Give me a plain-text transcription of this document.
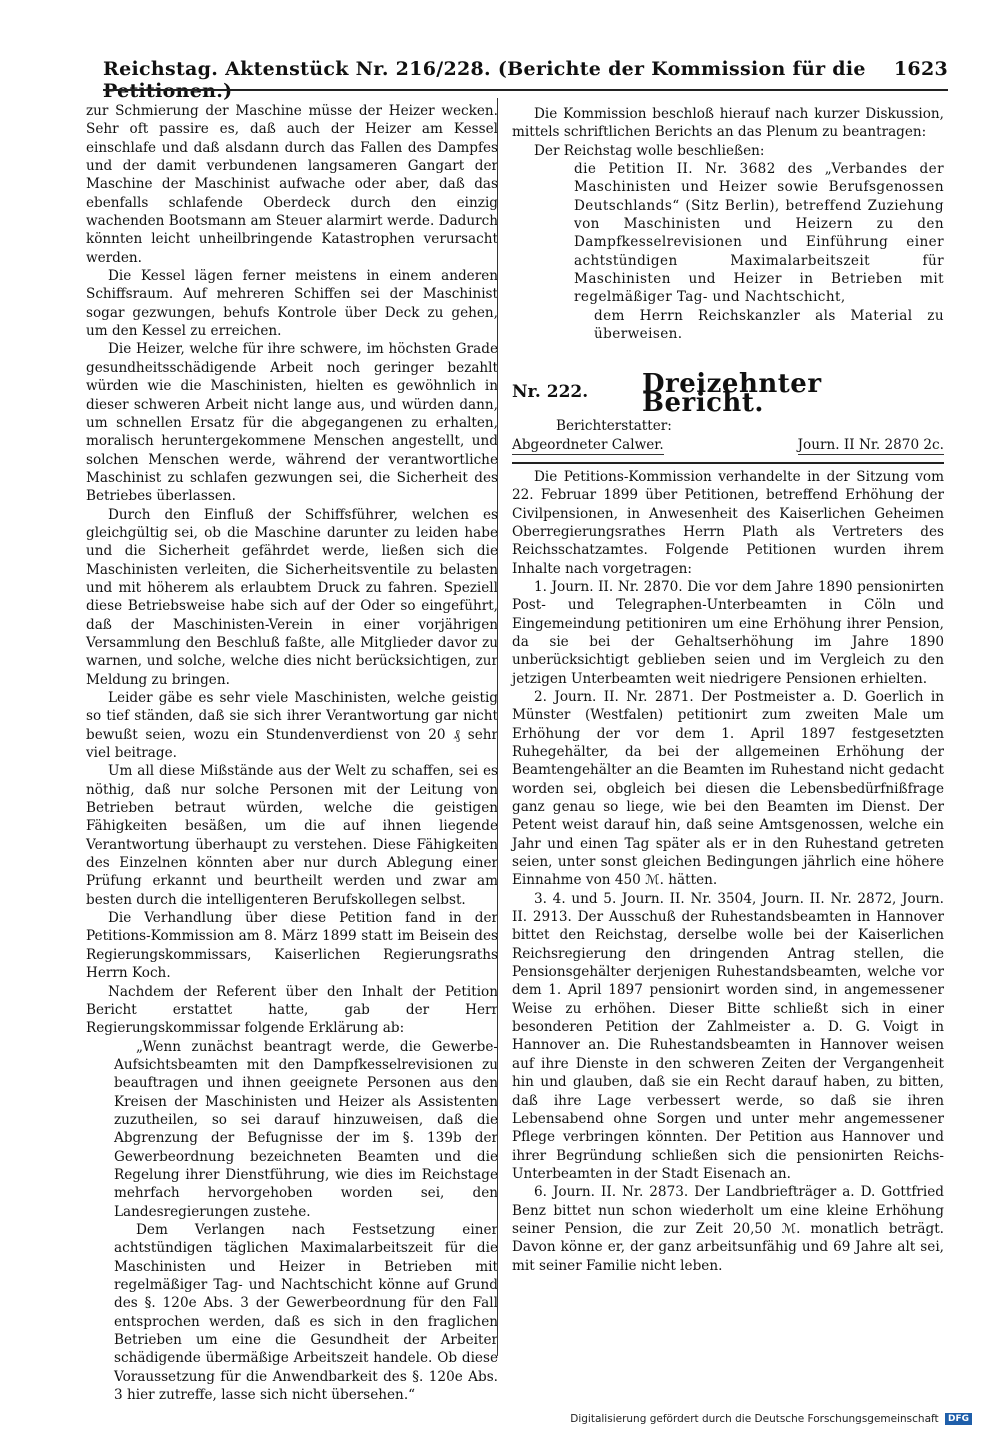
Reichstag. Aktenstück Nr. 216/228. (Berichte der Kommission für die Petitionen.)
1623

zur Schmierung der Maschine müsse der Heizer wecken. Sehr oft passire es, daß auch der Heizer am Kessel einschlafe und daß alsdann durch das Fallen des Dampfes und der damit verbundenen langsameren Gangart der Maschine der Maschinist aufwache oder aber, daß das ebenfalls schlafende Oberdeck durch den einzig wachenden Bootsmann am Steuer alarmirt werde. Dadurch könnten leicht unheilbringende Katastrophen verursacht werden.

Die Kessel lägen ferner meistens in einem anderen Schiffsraum. Auf mehreren Schiffen sei der Maschinist sogar gezwungen, behufs Kontrole über Deck zu gehen, um den Kessel zu erreichen.

Die Heizer, welche für ihre schwere, im höchsten Grade gesundheitsschädigende Arbeit noch geringer bezahlt würden wie die Maschinisten, hielten es gewöhnlich in dieser schweren Arbeit nicht lange aus, und würden dann, um schnellen Ersatz für die abgegangenen zu erhalten, moralisch heruntergekommene Menschen angestellt, und solchen Menschen werde, während der verantwortliche Maschinist zu schlafen gezwungen sei, die Sicherheit des Betriebes überlassen.

Durch den Einfluß der Schiffsführer, welchen es gleichgültig sei, ob die Maschine darunter zu leiden habe und die Sicherheit gefährdet werde, ließen sich die Maschinisten verleiten, die Sicherheitsventile zu belasten und mit höherem als erlaubtem Druck zu fahren. Speziell diese Betriebsweise habe sich auf der Oder so eingeführt, daß der Maschinisten-Verein in einer vorjährigen Versammlung den Beschluß faßte, alle Mitglieder davor zu warnen, und solche, welche dies nicht berücksichtigen, zur Meldung zu bringen.

Leider gäbe es sehr viele Maschinisten, welche geistig so tief ständen, daß sie sich ihrer Verantwortung gar nicht bewußt seien, wozu ein Stundenverdienst von 20 ₰ sehr viel beitrage.

Um all diese Mißstände aus der Welt zu schaffen, sei es nöthig, daß nur solche Personen mit der Leitung von Betrieben betraut würden, welche die geistigen Fähigkeiten besäßen, um die auf ihnen liegende Verantwortung überhaupt zu verstehen. Diese Fähigkeiten des Einzelnen könnten aber nur durch Ablegung einer Prüfung erkannt und beurtheilt werden und zwar am besten durch die intelligenteren Berufskollegen selbst.

Die Verhandlung über diese Petition fand in der Petitions-Kommission am 8. März 1899 statt im Beisein des Regierungskommissars, Kaiserlichen Regierungsraths Herrn Koch.

Nachdem der Referent über den Inhalt der Petition Bericht erstattet hatte, gab der Herr Regierungskommissar folgende Erklärung ab:

„Wenn zunächst beantragt werde, die Gewerbe-Aufsichtsbeamten mit den Dampfkesselrevisionen zu beauftragen und ihnen geeignete Personen aus den Kreisen der Maschinisten und Heizer als Assistenten zuzutheilen, so sei darauf hinzuweisen, daß die Abgrenzung der Befugnisse der im §. 139b der Gewerbeordnung bezeichneten Beamten und die Regelung ihrer Dienstführung, wie dies im Reichstage mehrfach hervorgehoben worden sei, den Landesregierungen zustehe.

Dem Verlangen nach Festsetzung einer achtstündigen täglichen Maximalarbeitszeit für die Maschinisten und Heizer in Betrieben mit regelmäßiger Tag- und Nachtschicht könne auf Grund des §. 120e Abs. 3 der Gewerbeordnung für den Fall entsprochen werden, daß es sich in den fraglichen Betrieben um eine die Gesundheit der Arbeiter schädigende übermäßige Arbeitszeit handele. Ob diese Voraussetzung für die Anwendbarkeit des §. 120e Abs. 3 hier zutreffe, lasse sich nicht übersehen.“

Die Kommission beschloß hierauf nach kurzer Diskussion, mittels schriftlichen Berichts an das Plenum zu beantragen:

Der Reichstag wolle beschließen:

die Petition II. Nr. 3682 des „Verbandes der Maschinisten und Heizer sowie Berufsgenossen Deutschlands“ (Sitz Berlin), betreffend Zuziehung von Maschinisten und Heizern zu den Dampfkesselrevisionen und Einführung einer achtstündigen Maximalarbeitszeit für Maschinisten und Heizer in Betrieben mit regelmäßiger Tag- und Nachtschicht,

dem Herrn Reichskanzler als Material zu überweisen.

Nr. 222. Dreizehnter Bericht.

Berichterstatter:

Abgeordneter Calwer.	Journ. II Nr. 2870 2c.

Die Petitions-Kommission verhandelte in der Sitzung vom 22. Februar 1899 über Petitionen, betreffend Erhöhung der Civilpensionen, in Anwesenheit des Kaiserlichen Geheimen Oberregierungsrathes Herrn Plath als Vertreters des Reichsschatzamtes. Folgende Petitionen wurden ihrem Inhalte nach vorgetragen:

1. Journ. II. Nr. 2870. Die vor dem Jahre 1890 pensionirten Post- und Telegraphen-Unterbeamten in Cöln und Eingemeindung petitioniren um eine Erhöhung ihrer Pension, da sie bei der Gehaltserhöhung im Jahre 1890 unberücksichtigt geblieben seien und im Vergleich zu den jetzigen Unterbeamten weit niedrigere Pensionen erhielten.

2. Journ. II. Nr. 2871. Der Postmeister a. D. Goerlich in Münster (Westfalen) petitionirt zum zweiten Male um Erhöhung der vor dem 1. April 1897 festgesetzten Ruhegehälter, da bei der allgemeinen Erhöhung der Beamtengehälter an die Beamten im Ruhestand nicht gedacht worden sei, obgleich bei diesen die Lebensbedürfnißfrage ganz genau so liege, wie bei den Beamten im Dienst. Der Petent weist darauf hin, daß seine Amtsgenossen, welche ein Jahr und einen Tag später als er in den Ruhestand getreten seien, unter sonst gleichen Bedingungen jährlich eine höhere Einnahme von 450 ℳ. hätten.

3. 4. und 5. Journ. II. Nr. 3504, Journ. II. Nr. 2872, Journ. II. 2913. Der Ausschuß der Ruhestandsbeamten in Hannover bittet den Reichstag, derselbe wolle bei der Kaiserlichen Reichsregierung den dringenden Antrag stellen, die Pensionsgehälter derjenigen Ruhestandsbeamten, welche vor dem 1. April 1897 pensionirt worden sind, in angemessener Weise zu erhöhen. Dieser Bitte schließt sich in einer besonderen Petition der Zahlmeister a. D. G. Voigt in Hannover an. Die Ruhestandsbeamten in Hannover weisen auf ihre Dienste in den schweren Zeiten der Vergangenheit hin und glauben, daß sie ein Recht darauf haben, zu bitten, daß ihre Lage verbessert werde, so daß sie ihren Lebensabend ohne Sorgen und unter mehr angemessener Pflege verbringen könnten. Der Petition aus Hannover und ihrer Begründung schließen sich die pensionirten Reichs-Unterbeamten in der Stadt Eisenach an.

6. Journ. II. Nr. 2873. Der Landbriefträger a. D. Gottfried Benz bittet nun schon wiederholt um eine kleine Erhöhung seiner Pension, die zur Zeit 20,50 ℳ. monatlich beträgt. Davon könne er, der ganz arbeitsunfähig und 69 Jahre alt sei, mit seiner Familie nicht leben.

Digitalisierung gefördert durch die Deutsche Forschungsgemeinschaft DFG
